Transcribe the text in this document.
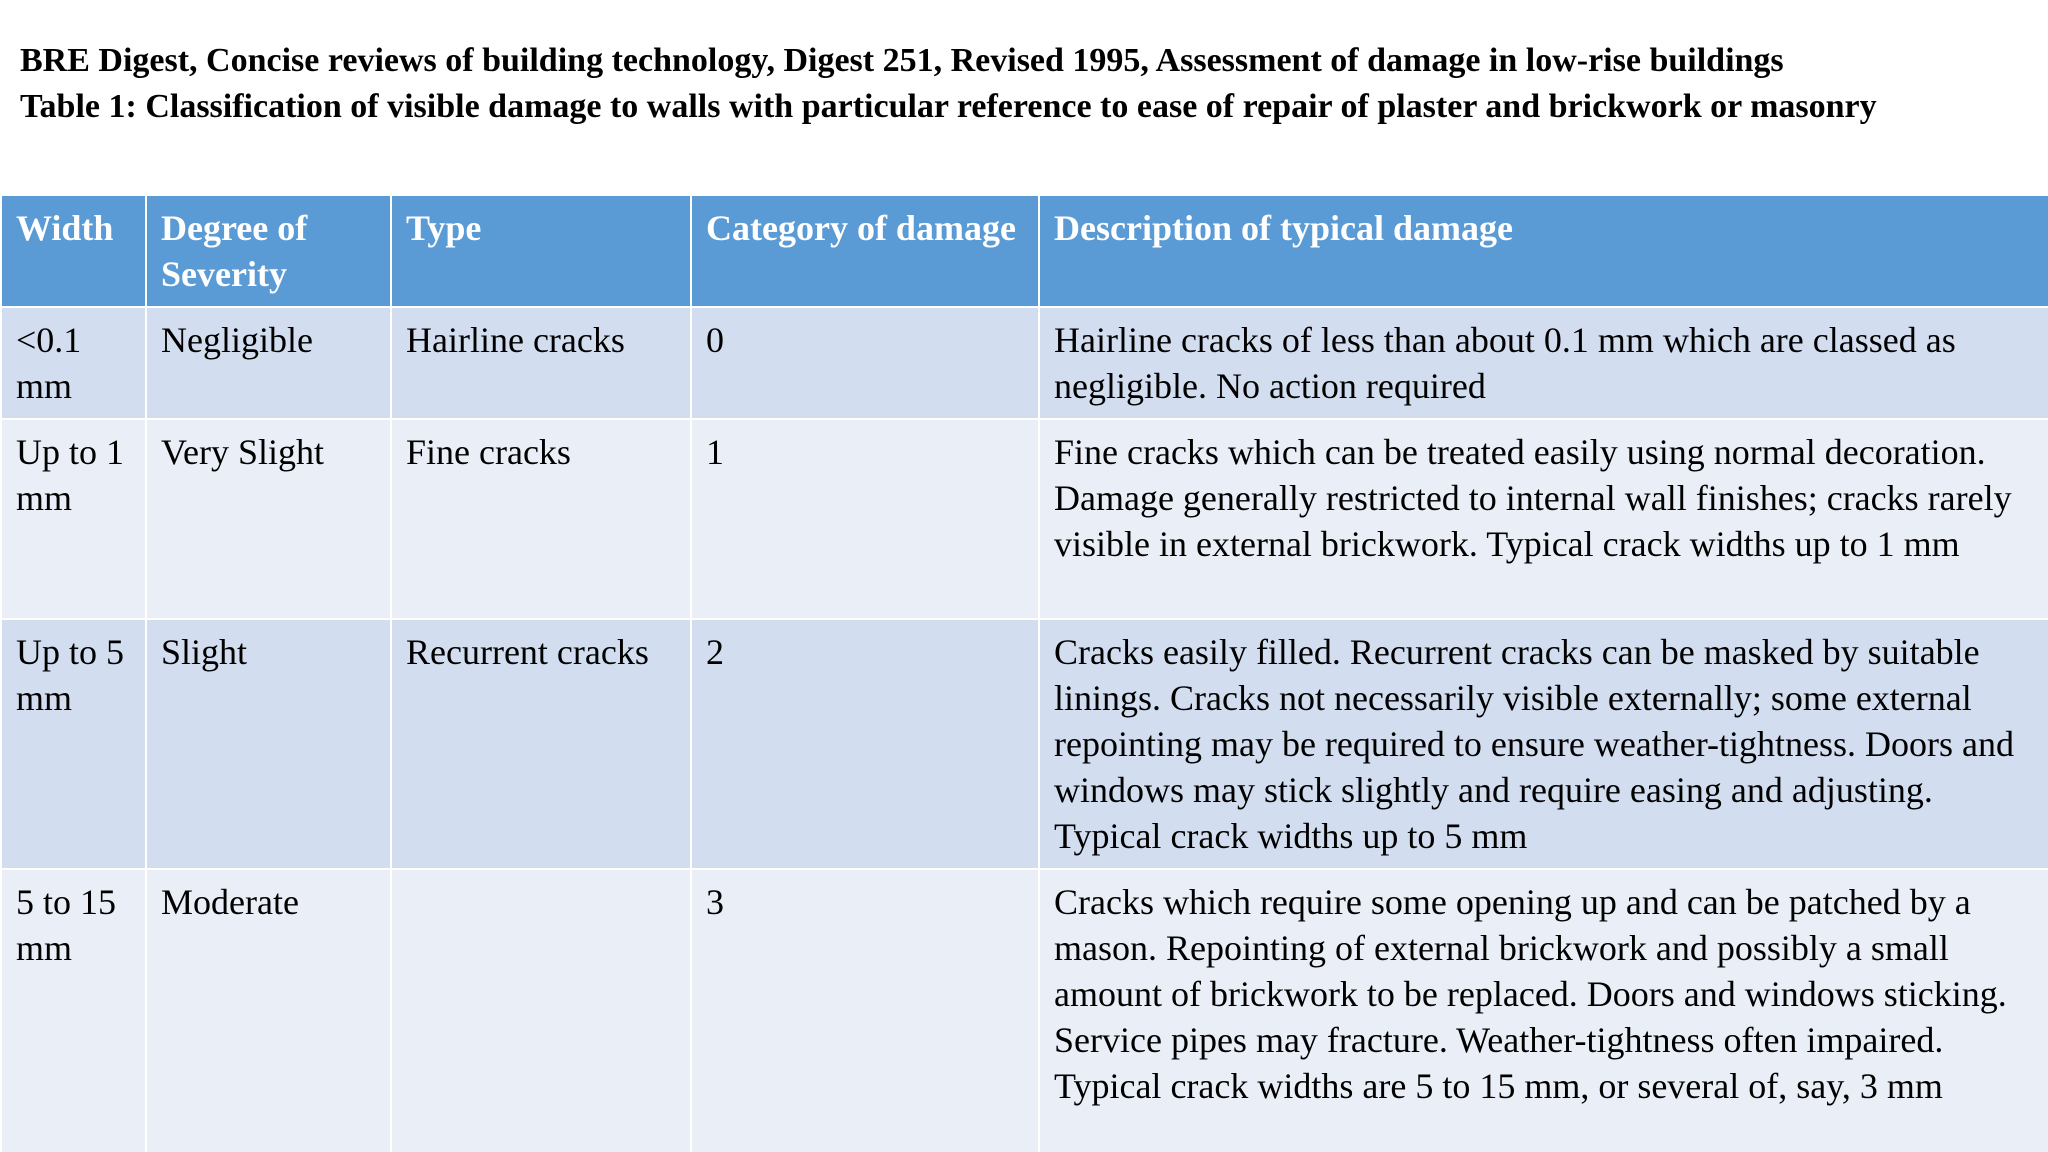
BRE Digest, Concise reviews of building technology, Digest 251, Revised 1995, Assessment of damage in low-rise buildings
Table 1: Classification of visible damage to walls with particular reference to ease of repair of plaster and brickwork or masonry
Width	Degree of Severity	Type	Category of damage	Description of typical damage
<0.1 mm	Negligible	Hairline cracks	0	Hairline cracks of less than about 0.1 mm which are classed as negligible. No action required
Up to 1 mm	Very Slight	Fine cracks	1	Fine cracks which can be treated easily using normal decoration. Damage generally restricted to internal wall finishes; cracks rarely visible in external brickwork. Typical crack widths up to 1 mm
Up to 5 mm	Slight	Recurrent cracks	2	Cracks easily filled. Recurrent cracks can be masked by suitable linings. Cracks not necessarily visible externally; some external repointing may be required to ensure weather-tightness. Doors and windows may stick slightly and require easing and adjusting. Typical crack widths up to 5 mm
5 to 15 mm	Moderate		3	Cracks which require some opening up and can be patched by a mason. Repointing of external brickwork and possibly a small amount of brickwork to be replaced. Doors and windows sticking. Service pipes may fracture. Weather-tightness often impaired. Typical crack widths are 5 to 15 mm, or several of, say, 3 mm
